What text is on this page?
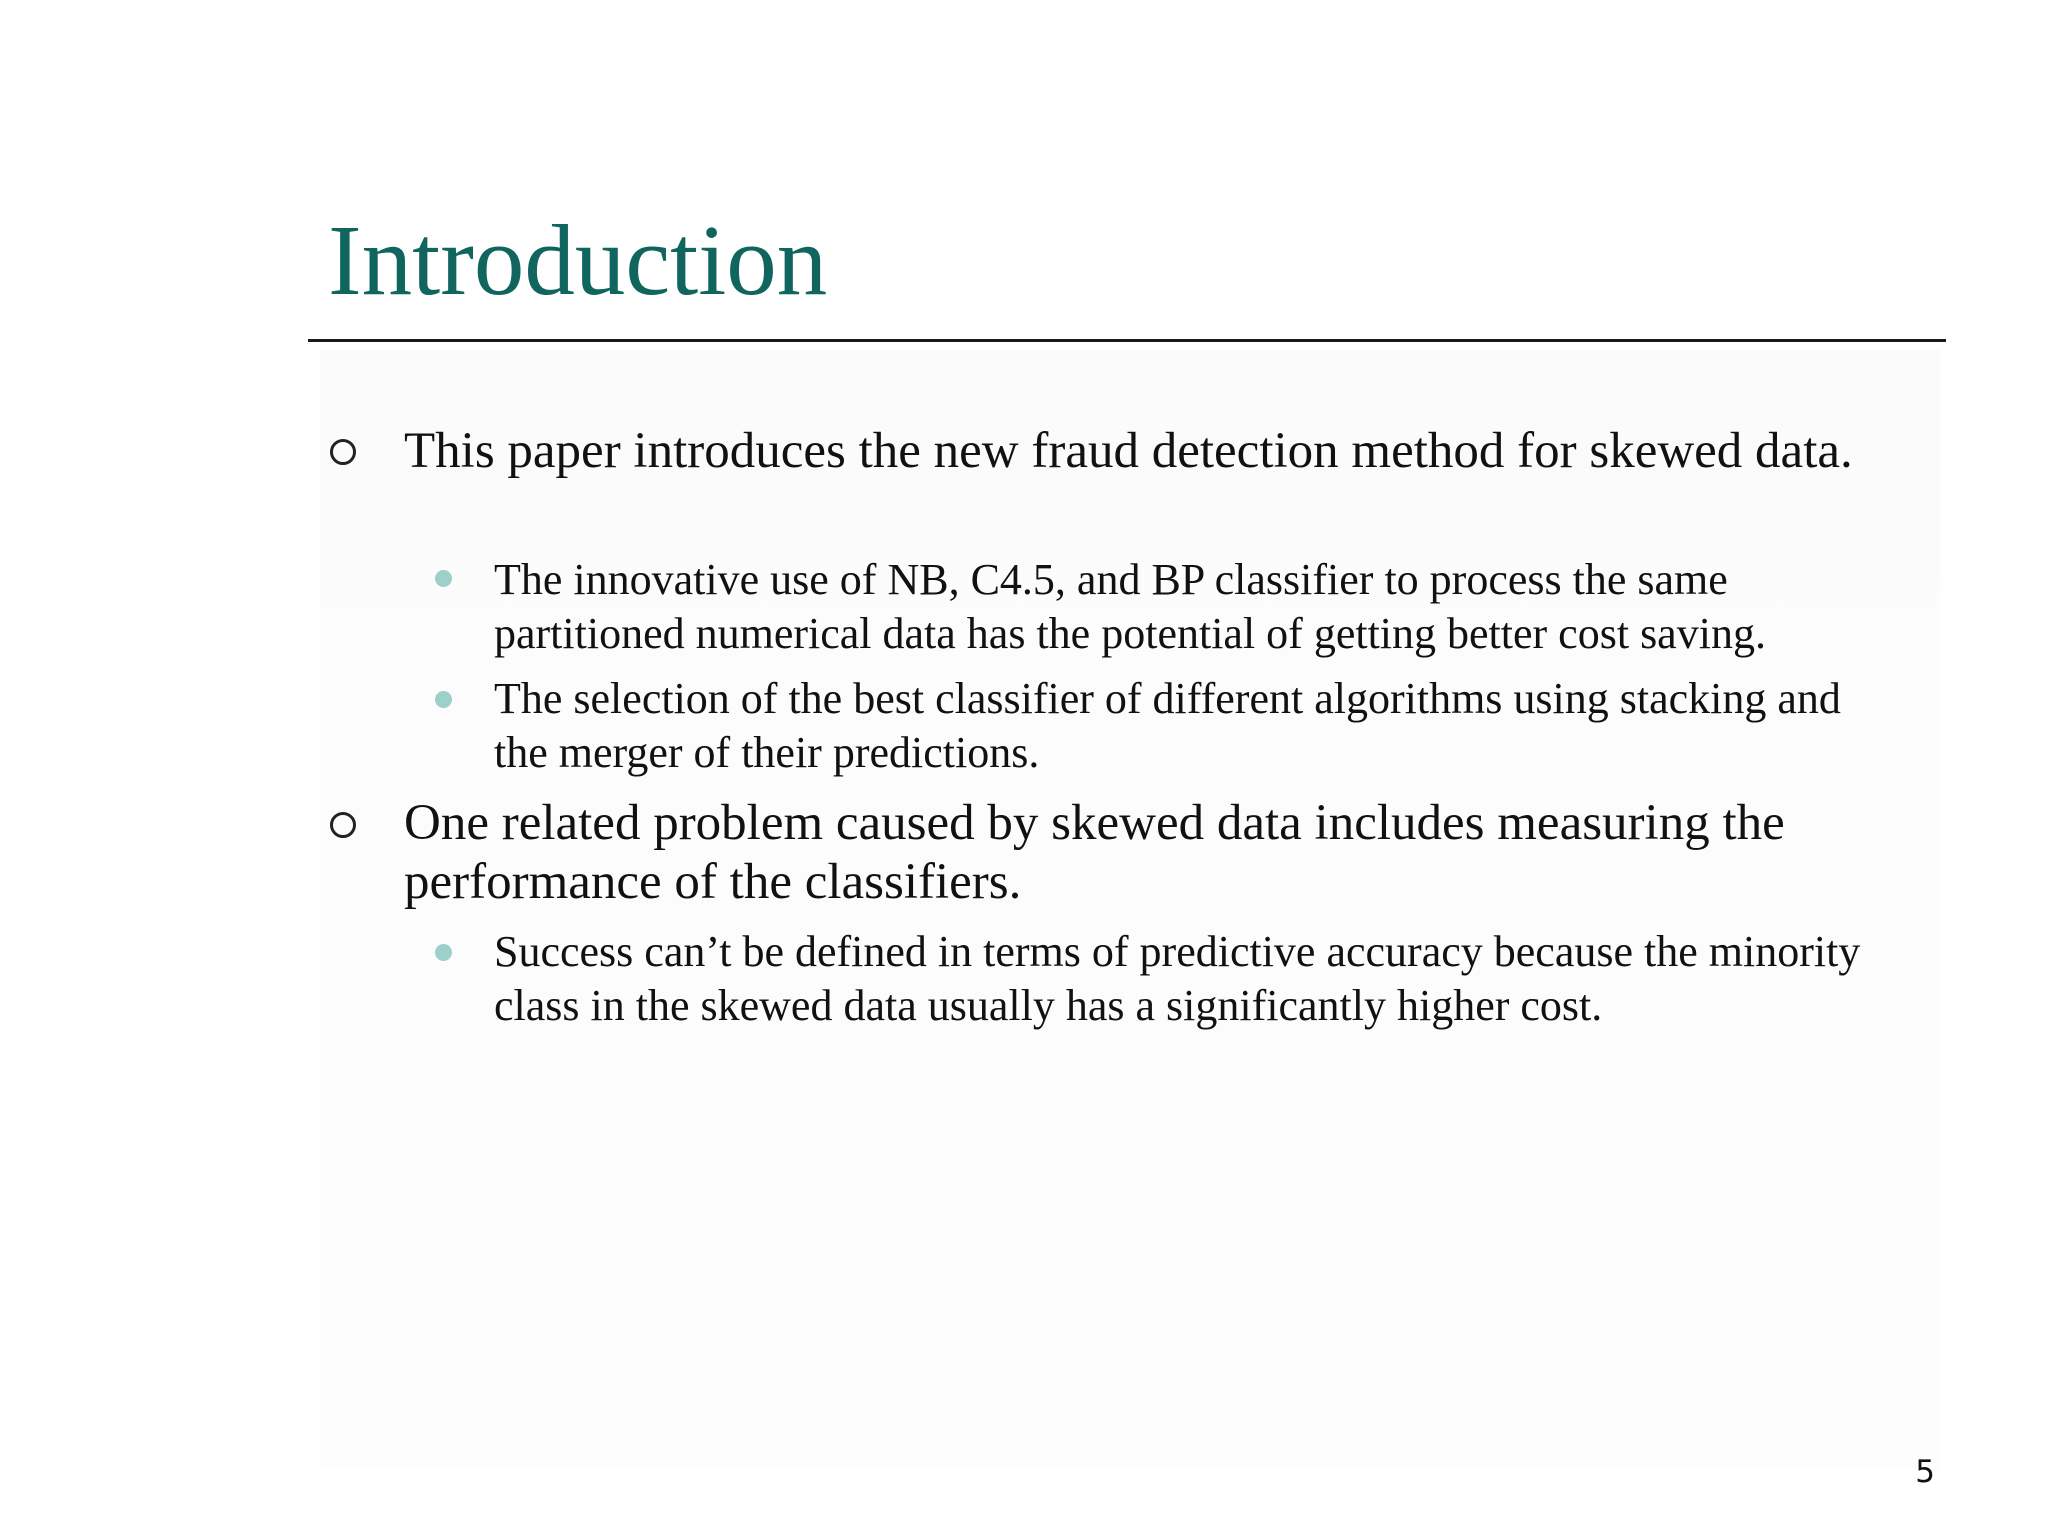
Introduction
This paper introduces the new fraud detection method for skewed data.
The innovative use of NB, C4.5, and BP classifier to process the same partitioned numerical data has the potential of getting better cost saving.
The selection of the best classifier of different algorithms using stacking and the merger of their predictions.
One related problem caused by skewed data includes measuring the performance of the classifiers.
Success can’t be defined in terms of predictive accuracy because the minority class in the skewed data usually has a significantly higher cost.
5
